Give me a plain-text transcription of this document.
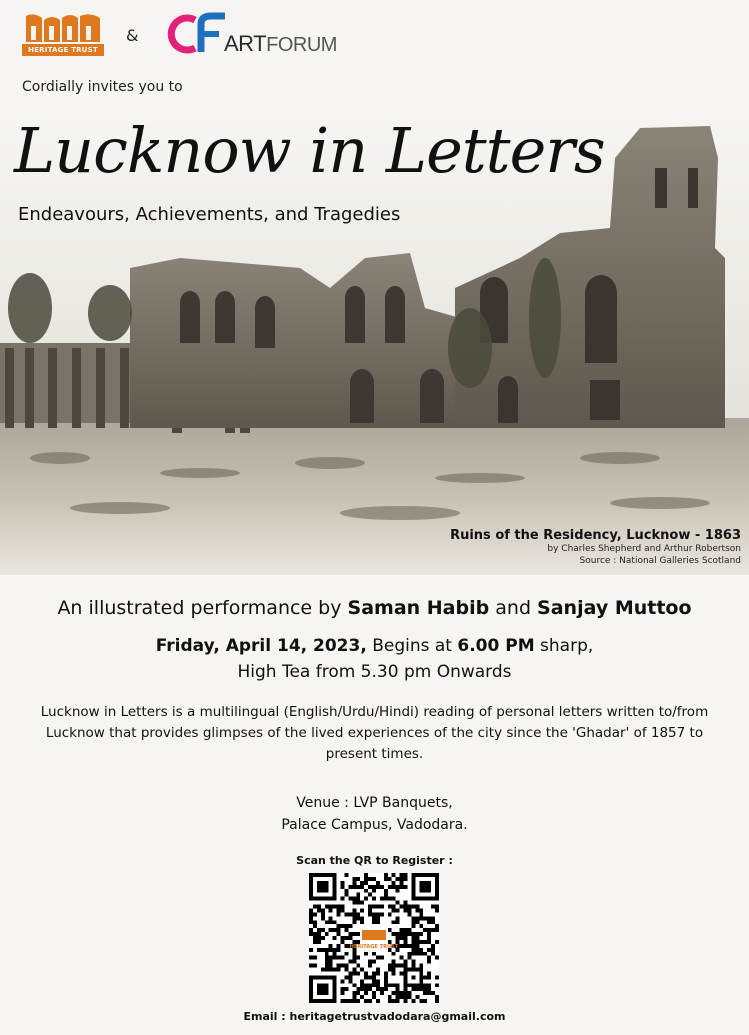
HERITAGE TRUST
&	ARTFORUM
Cordially invites you to
Lucknow in Letters
Endeavours, Achievements, and Tragedies
Ruins of the Residency, Lucknow - 1863
by Charles Shepherd and Arthur Robertson
Source : National Galleries Scotland
An illustrated performance by Saman Habib and Sanjay Muttoo
Friday, April 14, 2023, Begins at 6.00 PM sharp,
High Tea from 5.30 pm Onwards
Lucknow in Letters is a multilingual (English/Urdu/Hindi) reading of personal letters written to/from Lucknow that provides glimpses of the lived experiences of the city since the 'Ghadar' of 1857 to present times.
Venue : LVP Banquets,
Palace Campus, Vadodara.
Scan the QR to Register :
HERITAGE TRUST
Email : heritagetrustvadodara@gmail.com
